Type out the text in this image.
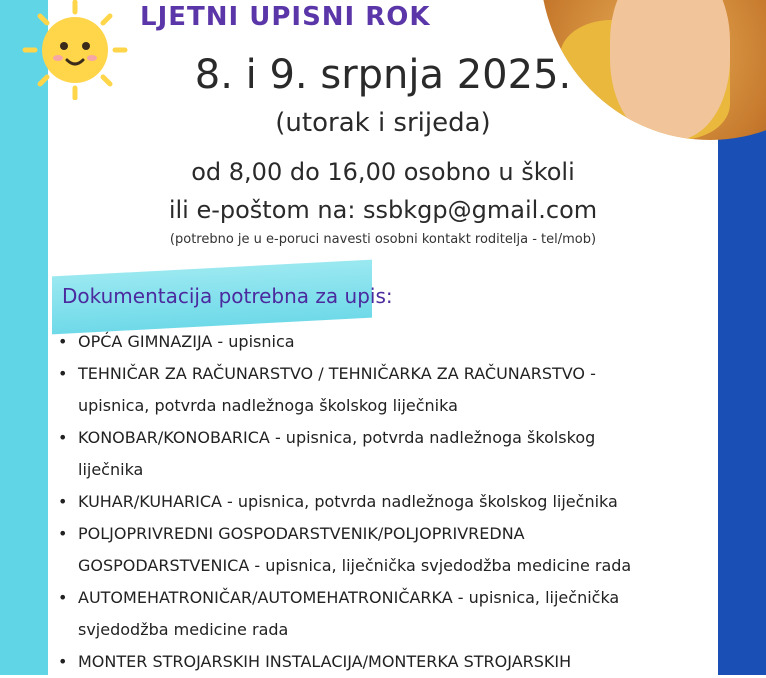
LJETNI UPISNI ROK
8. i 9. srpnja 2025.
(utorak i srijeda)
od 8,00 do 16,00 osobno u školi
ili e-poštom na: ssbkgp@gmail.com
(potrebno je u e-poruci navesti osobni kontakt roditelja - tel/mob)
Dokumentacija potrebna za upis:
• OPĆA GIMNAZIJA - upisnica
• TEHNIČAR ZA RAČUNARSTVO / TEHNIČARKA ZA RAČUNARSTVO -
upisnica, potvrda nadležnoga školskog liječnika
• KONOBAR/KONOBARICA - upisnica, potvrda nadležnoga školskog
liječnika
• KUHAR/KUHARICA - upisnica, potvrda nadležnoga školskog liječnika
• POLJOPRIVREDNI GOSPODARSTVENIK/POLJOPRIVREDNA
GOSPODARSTVENICA - upisnica, liječnička svjedodžba medicine rada
• AUTOMEHATRONIČAR/AUTOMEHATRONIČARKA - upisnica, liječnička
svjedodžba medicine rada
• MONTER STROJARSKIH INSTALACIJA/MONTERKA STROJARSKIH
